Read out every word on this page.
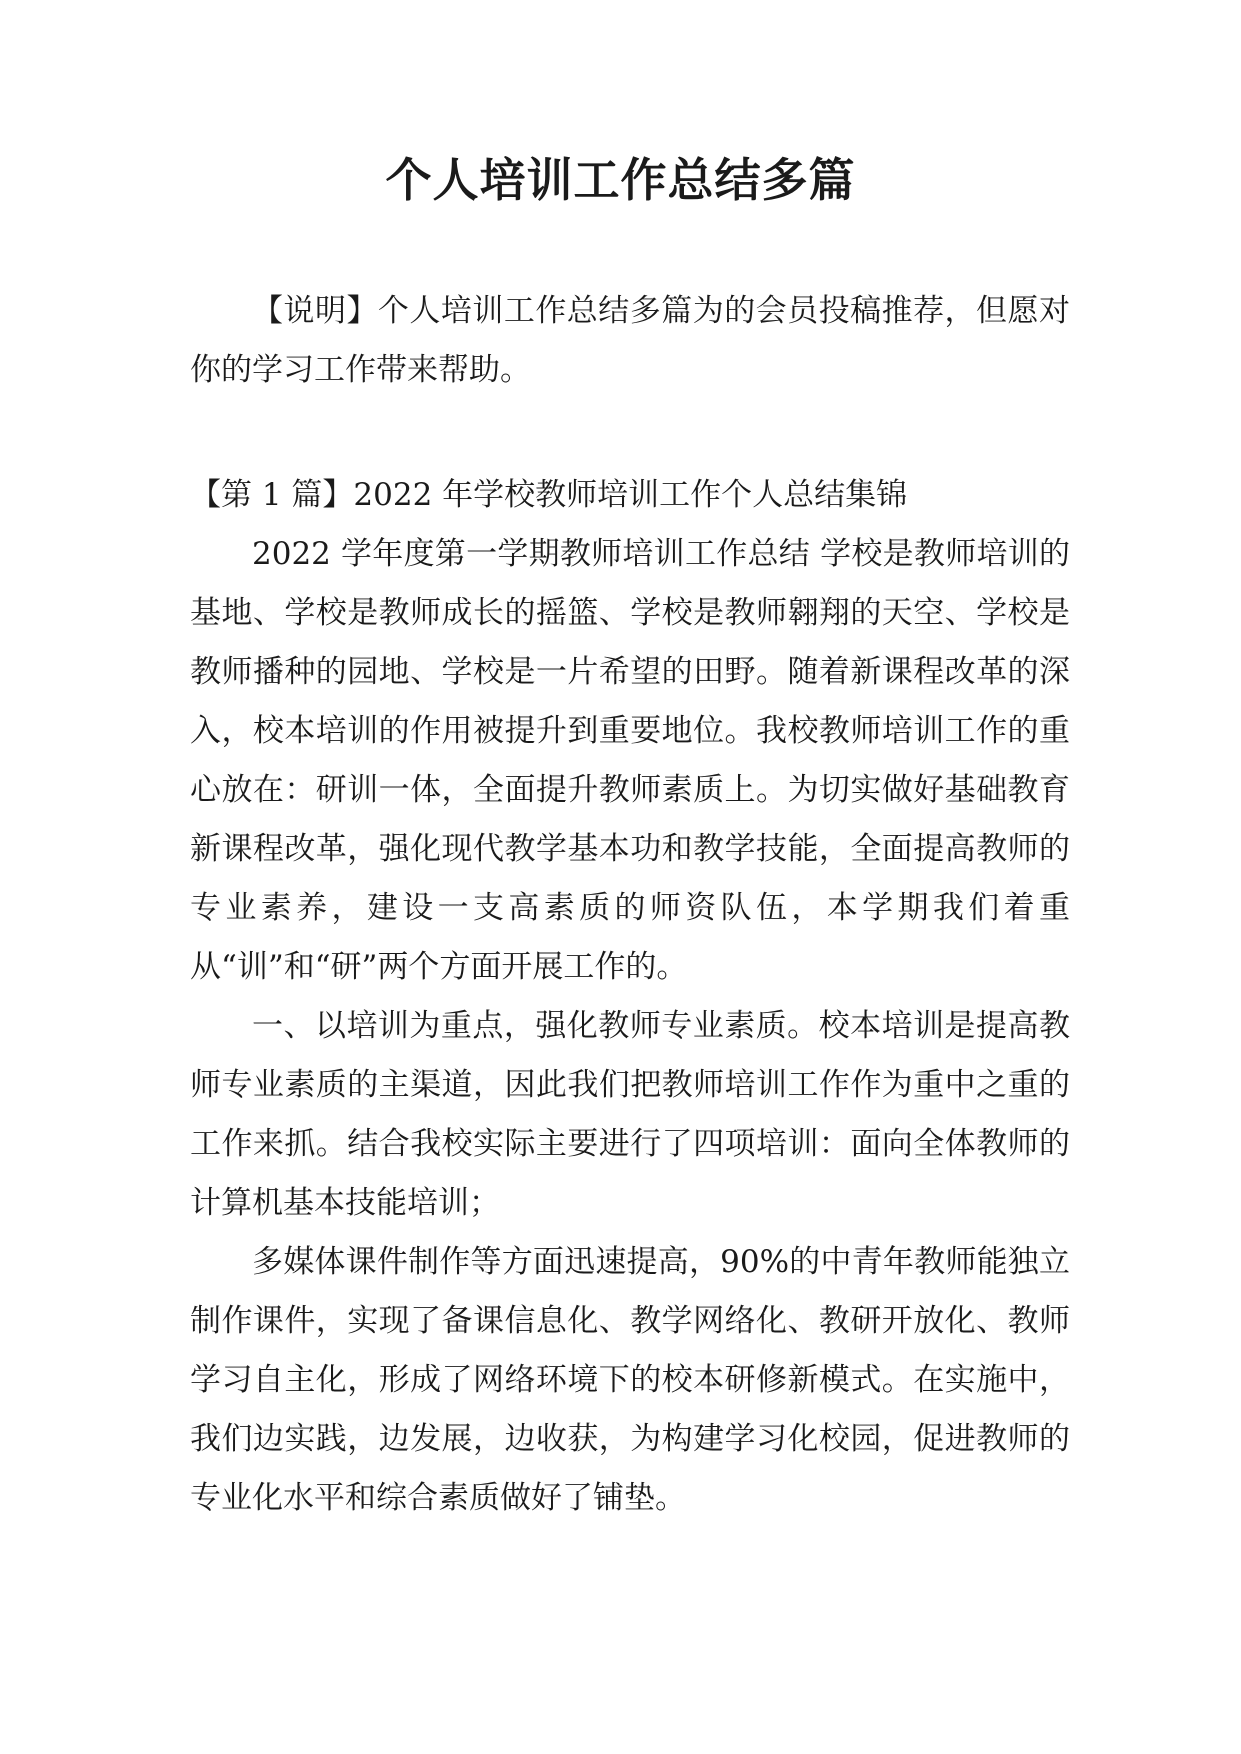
个人培训工作总结多篇

【说明】个人培训工作总结多篇为的会员投稿推荐，但愿对你的学习工作带来帮助。

【第 1 篇】2022 年学校教师培训工作个人总结集锦

2022 学年度第一学期教师培训工作总结 学校是教师培训的基地、学校是教师成长的摇篮、学校是教师翱翔的天空、学校是教师播种的园地、学校是一片希望的田野。随着新课程改革的深入，校本培训的作用被提升到重要地位。我校教师培训工作的重心放在：研训一体，全面提升教师素质上。为切实做好基础教育新课程改革，强化现代教学基本功和教学技能，全面提高教师的专业素养，建设一支高素质的师资队伍，本学期我们着重从“训”和“研”两个方面开展工作的。

一、以培训为重点，强化教师专业素质。校本培训是提高教师专业素质的主渠道，因此我们把教师培训工作作为重中之重的工作来抓。结合我校实际主要进行了四项培训：面向全体教师的计算机基本技能培训；

多媒体课件制作等方面迅速提高，90%的中青年教师能独立制作课件，实现了备课信息化、教学网络化、教研开放化、教师学习自主化，形成了网络环境下的校本研修新模式。在实施中，我们边实践，边发展，边收获，为构建学习化校园，促进教师的专业化水平和综合素质做好了铺垫。
